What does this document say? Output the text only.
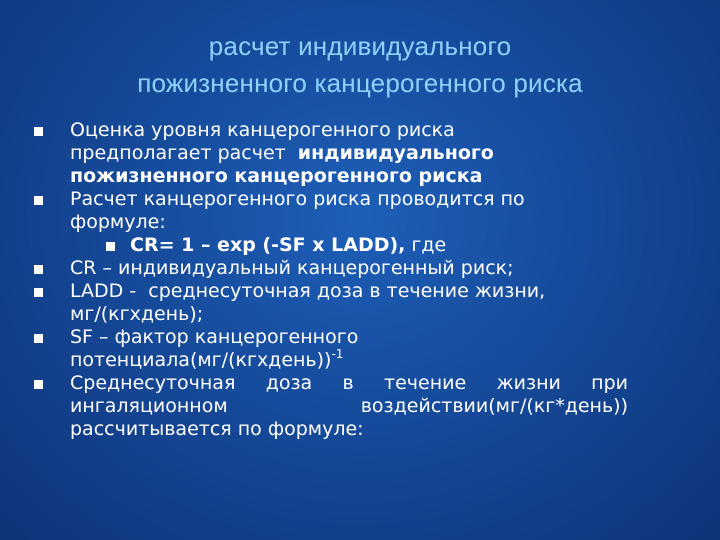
расчет индивидуального
пожизненного канцерогенного риска
Оценка уровня канцерогенного риска
предполагает расчет  индивидуального
пожизненного канцерогенного риска
Расчет канцерогенного риска проводится по
формуле:
CR= 1 – exp (-SF x LADD), где
CR – индивидуальный канцерогенный риск;
LADD -  среднесуточная доза в течение жизни,
мг/(кгхдень);
SF – фактор канцерогенного
потенциала(мг/(кгхдень))$^{-1}$
Среднесуточная доза в течение жизни при
ингаляционном воздействии(мг/(кг*день))
рассчитывается по формуле:
